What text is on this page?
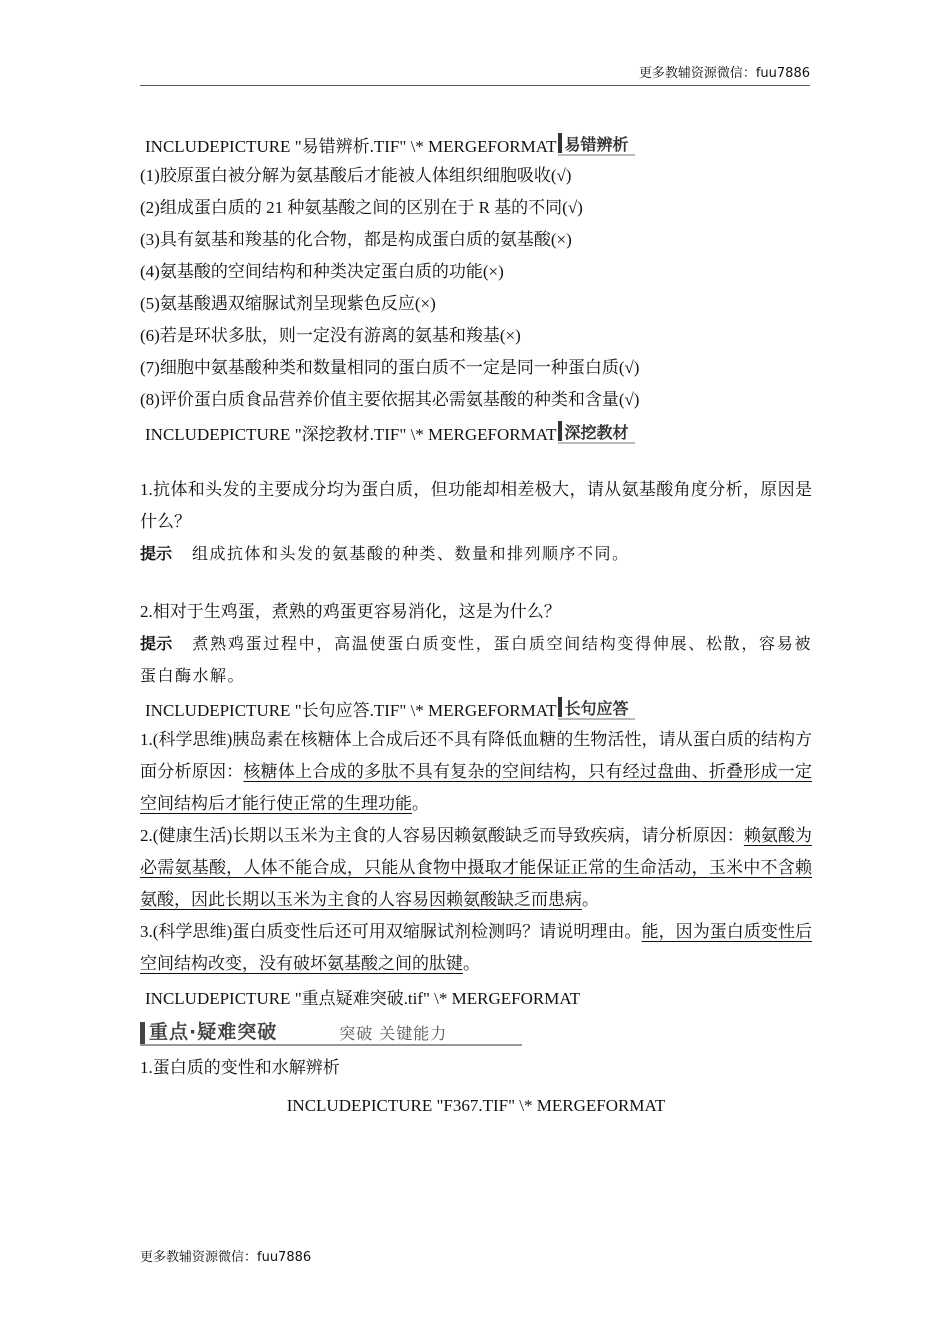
更多教辅资源微信：fuu7886
INCLUDEPICTURE "易错辨析.TIF" \* MERGEFORMAT 易错辨析

(1)胶原蛋白被分解为氨基酸后才能被人体组织细胞吸收(√)

(2)组成蛋白质的 21 种氨基酸之间的区别在于 R 基的不同(√)

(3)具有氨基和羧基的化合物，都是构成蛋白质的氨基酸(×)

(4)氨基酸的空间结构和种类决定蛋白质的功能(×)

(5)氨基酸遇双缩脲试剂呈现紫色反应(×)

(6)若是环状多肽，则一定没有游离的氨基和羧基(×)

(7)细胞中氨基酸种类和数量相同的蛋白质不一定是同一种蛋白质(√)

(8)评价蛋白质食品营养价值主要依据其必需氨基酸的种类和含量(√)

INCLUDEPICTURE "深挖教材.TIF" \* MERGEFORMAT 深挖教材

1.抗体和头发的主要成分均为蛋白质，但功能却相差极大，请从氨基酸角度分析，原因是什么？

提示 组成抗体和头发的氨基酸的种类、数量和排列顺序不同。

2.相对于生鸡蛋，煮熟的鸡蛋更容易消化，这是为什么？

提示 煮熟鸡蛋过程中，高温使蛋白质变性，蛋白质空间结构变得伸展、松散，容易被蛋白酶水解。

INCLUDEPICTURE "长句应答.TIF" \* MERGEFORMAT 长句应答

1.(科学思维)胰岛素在核糖体上合成后还不具有降低血糖的生物活性，请从蛋白质的结构方面分析原因：核糖体上合成的多肽不具有复杂的空间结构，只有经过盘曲、折叠形成一定空间结构后才能行使正常的生理功能。

2.(健康生活)长期以玉米为主食的人容易因赖氨酸缺乏而导致疾病，请分析原因：赖氨酸为必需氨基酸，人体不能合成，只能从食物中摄取才能保证正常的生命活动，玉米中不含赖氨酸，因此长期以玉米为主食的人容易因赖氨酸缺乏而患病。

3.(科学思维)蛋白质变性后还可用双缩脲试剂检测吗？请说明理由。能，因为蛋白质变性后空间结构改变，没有破坏氨基酸之间的肽键。

INCLUDEPICTURE "重点疑难突破.tif" \* MERGEFORMAT
重点·疑难突破	突破 关键能力

1.蛋白质的变性和水解辨析

INCLUDEPICTURE "F367.TIF" \* MERGEFORMAT

更多教辅资源微信：fuu7886
